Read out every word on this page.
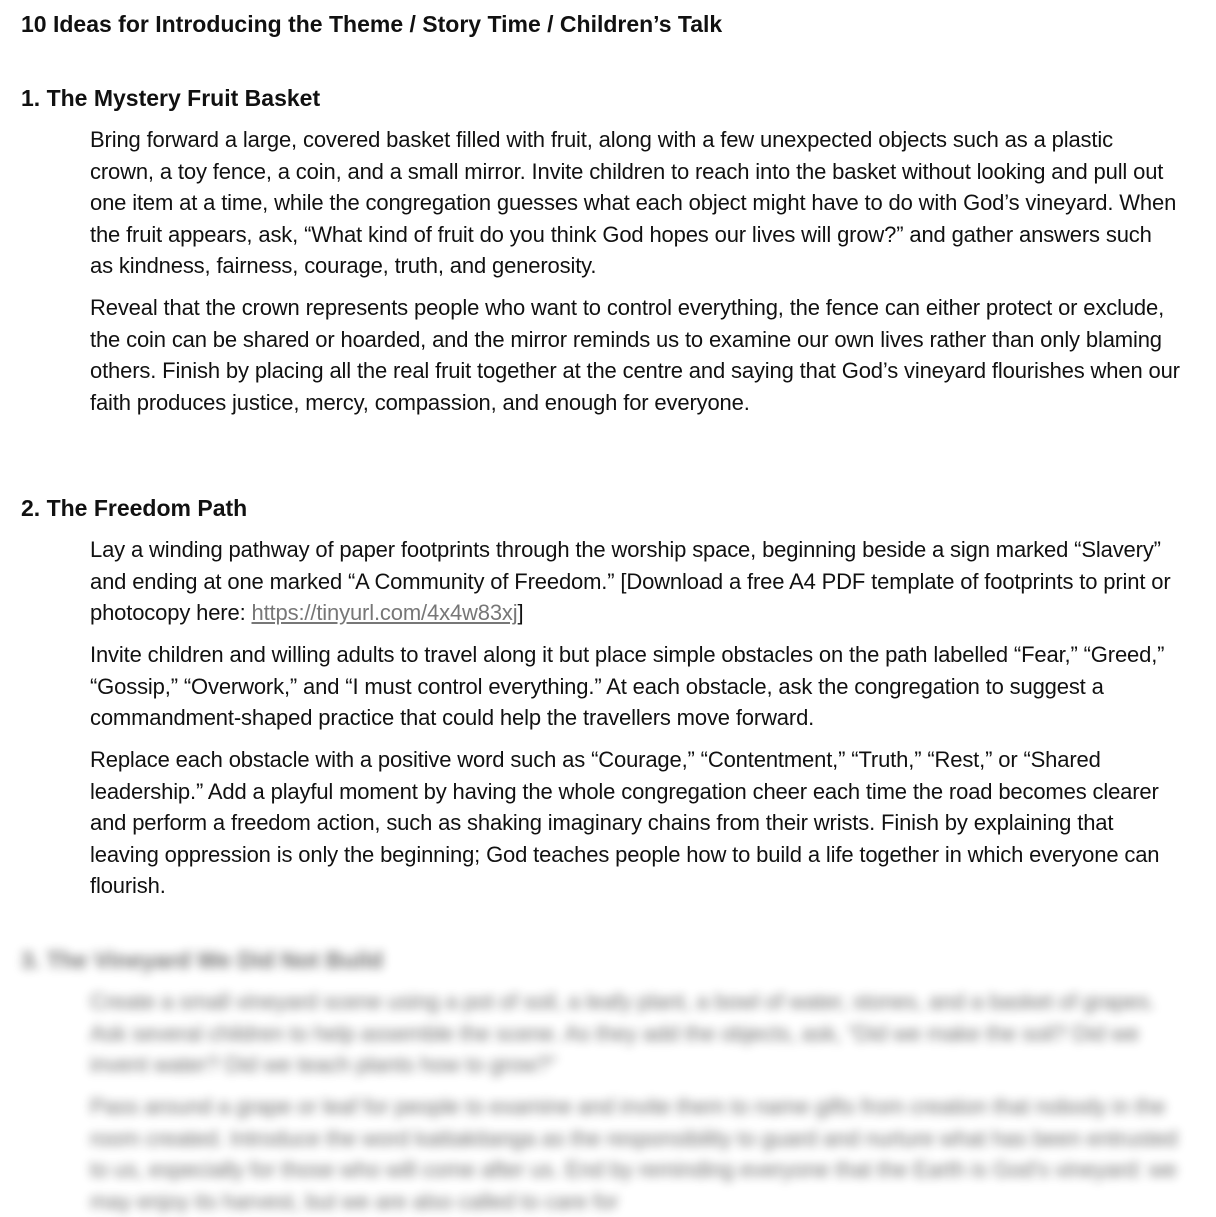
10 Ideas for Introducing the Theme / Story Time / Children’s Talk
1. The Mystery Fruit Basket

Bring forward a large, covered basket filled with fruit, along with a few unexpected objects such as a plastic crown, a toy fence, a coin, and a small mirror. Invite children to reach into the basket without looking and pull out one item at a time, while the congregation guesses what each object might have to do with God’s vineyard. When the fruit appears, ask, “What kind of fruit do you think God hopes our lives will grow?” and gather answers such as kindness, fairness, courage, truth, and generosity.

Reveal that the crown represents people who want to control everything, the fence can either protect or exclude, the coin can be shared or hoarded, and the mirror reminds us to examine our own lives rather than only blaming others. Finish by placing all the real fruit together at the centre and saying that God’s vineyard flourishes when our faith produces justice, mercy, compassion, and enough for everyone.

2. The Freedom Path

Lay a winding pathway of paper footprints through the worship space, beginning beside a sign marked “Slavery” and ending at one marked “A Community of Freedom.” [Download a free A4 PDF template of footprints to print or photocopy here: https://tinyurl.com/4x4w83xj]

Invite children and willing adults to travel along it but place simple obstacles on the path labelled “Fear,” “Greed,” “Gossip,” “Overwork,” and “I must control everything.” At each obstacle, ask the congregation to suggest a commandment-shaped practice that could help the travellers move forward.

Replace each obstacle with a positive word such as “Courage,” “Contentment,” “Truth,” “Rest,” or “Shared leadership.” Add a playful moment by having the whole congregation cheer each time the road becomes clearer and perform a freedom action, such as shaking imaginary chains from their wrists. Finish by explaining that leaving oppression is only the beginning; God teaches people how to build a life together in which everyone can flourish.

3. The Vineyard We Did Not Build

Create a small vineyard scene using a pot of soil, a leafy plant, a bowl of water, stones, and a basket of grapes. Ask several children to help assemble the scene. As they add the objects, ask, “Did we make the soil? Did we invent water? Did we teach plants how to grow?”

Pass around a grape or leaf for people to examine and invite them to name gifts from creation that nobody in the room created. Introduce the word kaitiakitanga as the responsibility to guard and nurture what has been entrusted to us, especially for those who will come after us. End by reminding everyone that the Earth is God’s vineyard: we may enjoy its harvest, but we are also called to care for
